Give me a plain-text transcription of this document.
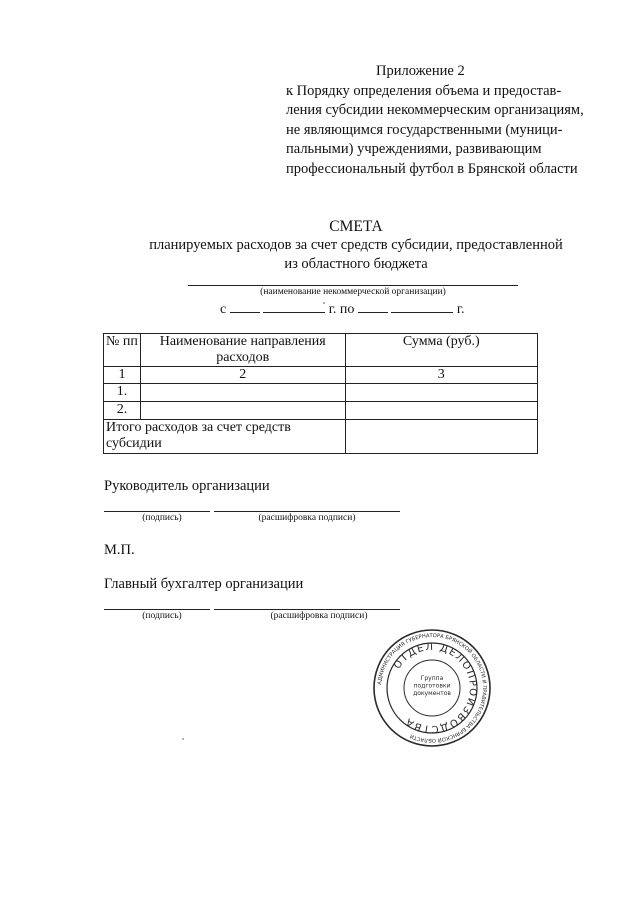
Приложение 2
к Порядку определения объема и предостав-
ления субсидии некоммерческим организациям,
не являющимся государственными (муници-
пальными) учреждениями, развивающим
профессиональный футбол в Брянской области
СМЕТА
планируемых расходов за счет средств субсидии, предоставленной
из областного бюджета
(наименование некоммерческой организации)
с	г. по	г.
№ пп	Наименование направления расходов	Сумма (руб.)
1	2	3
1.		
2.		
Итого расходов за счет средств субсидии		
Руководитель организации
(подпись)	(расшифровка подписи)
М.П.
Главный бухгалтер организации
(подпись)	(расшифровка подписи)
АДМИНИСТРАЦИЯ ГУБЕРНАТОРА БРЯНСКОЙ ОБЛАСТИ И ПРАВИТЕЛЬСТВА БРЯНСКОЙ ОБЛАСТИ
ОТДЕЛ ДЕЛОПРОИЗВОДСТВА
Группа подготовки документов
